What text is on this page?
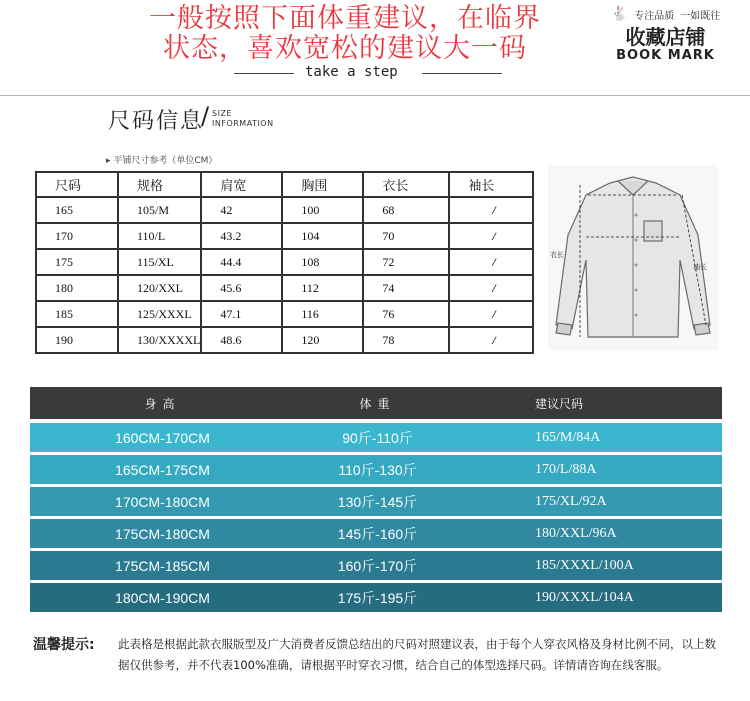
一般按照下面体重建议，在临界
状态，喜欢宽松的建议大一码
🐇 专注品质 一如既往
收藏店铺
BOOK MARK
take a step
尺码信息
/ SIZE
INFORMATION
▸ 平铺尺寸参考（单位CM）
尺码	规格	肩宽	胸围	衣长	袖长
165	105/M	42	100	68	/
170	110/L	43.2	104	70	/
175	115/XL	44.4	108	72	/
180	120/XXL	45.6	112	74	/
185	125/XXXL	47.1	116	76	/
190	130/XXXXL	48.6	120	78	/
衣长
袖长
身高	体重	建议尺码
160CM-170CM	90斤-110斤	165/M/84A
165CM-175CM	110斤-130斤	170/L/88A
170CM-180CM	130斤-145斤	175/XL/92A
175CM-180CM	145斤-160斤	180/XXL/96A
175CM-185CM	160斤-170斤	185/XXXL/100A
180CM-190CM	175斤-195斤	190/XXXL/104A
温馨提示: 此表格是根据此款衣服版型及广大消费者反馈总结出的尺码对照建议表，由于每个人穿衣风格及身材比例不同，以上数据仅供参考，并不代表100%准确，请根据平时穿衣习惯，结合自己的体型选择尺码。详情请咨询在线客服。
